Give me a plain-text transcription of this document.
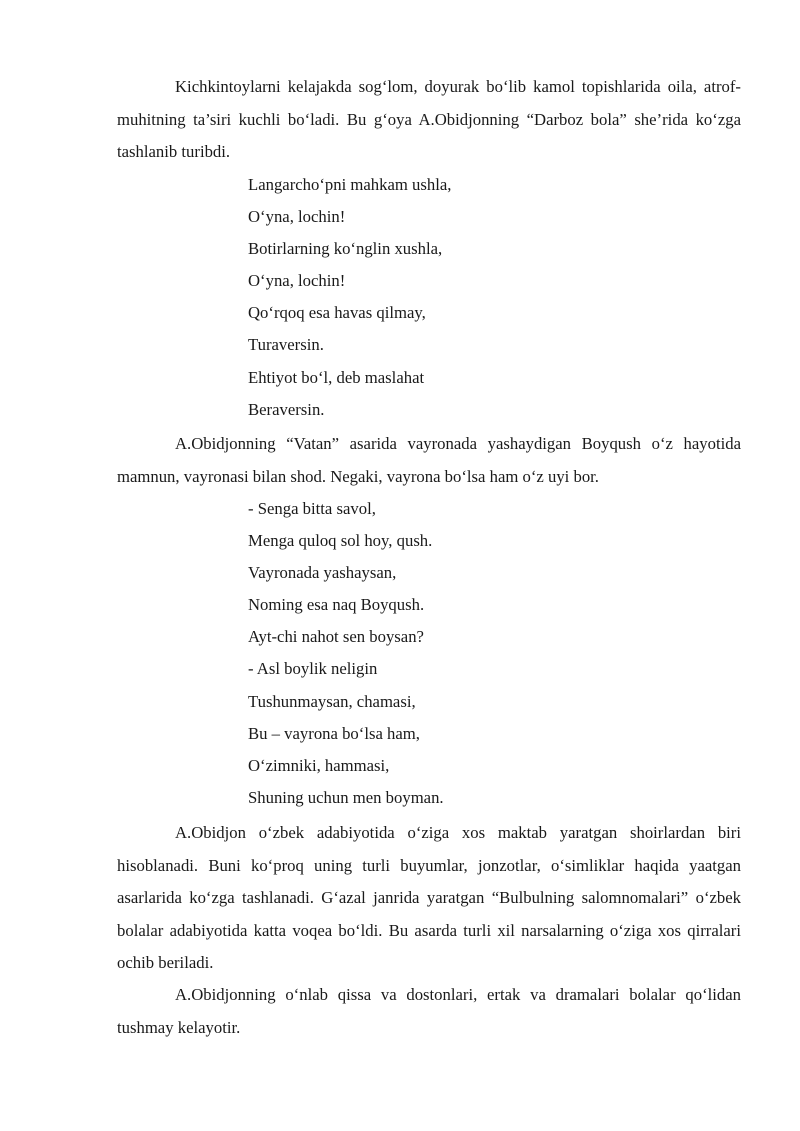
Kichkintoylarni kelajakda sog‘lom, doyurak bo‘lib kamol topishlarida oila, atrof-muhitning ta’siri kuchli bo‘ladi. Bu g‘oya A.Obidjonning “Darboz bola” she’rida ko‘zga tashlanib turibdi.

Langarcho‘pni mahkam ushla,
O‘yna, lochin!
Botirlarning ko‘nglin xushla,
O‘yna, lochin!
Qo‘rqoq esa havas qilmay,
Turaversin.
Ehtiyot bo‘l, deb maslahat
Beraversin.

A.Obidjonning “Vatan” asarida vayronada yashaydigan Boyqush o‘z hayotida mamnun, vayronasi bilan shod. Negaki, vayrona bo‘lsa ham o‘z uyi bor.

- Senga bitta savol,
Menga quloq sol hoy, qush.
Vayronada yashaysan,
Noming esa naq Boyqush.
Ayt-chi nahot sen boysan?
- Asl boylik neligin
Tushunmaysan, chamasi,
Bu – vayrona bo‘lsa ham,
O‘zimniki, hammasi,
Shuning uchun men boyman.

A.Obidjon o‘zbek adabiyotida o‘ziga xos maktab yaratgan shoirlardan biri hisoblanadi. Buni ko‘proq uning turli buyumlar, jonzotlar, o‘simliklar haqida yaatgan asarlarida ko‘zga tashlanadi. G‘azal janrida yaratgan “Bulbulning salomnomalari” o‘zbek bolalar adabiyotida katta voqea bo‘ldi. Bu asarda turli xil narsalarning o‘ziga xos qirralari ochib beriladi.

A.Obidjonning o‘nlab qissa va dostonlari, ertak va dramalari bolalar qo‘lidan tushmay kelayotir.
